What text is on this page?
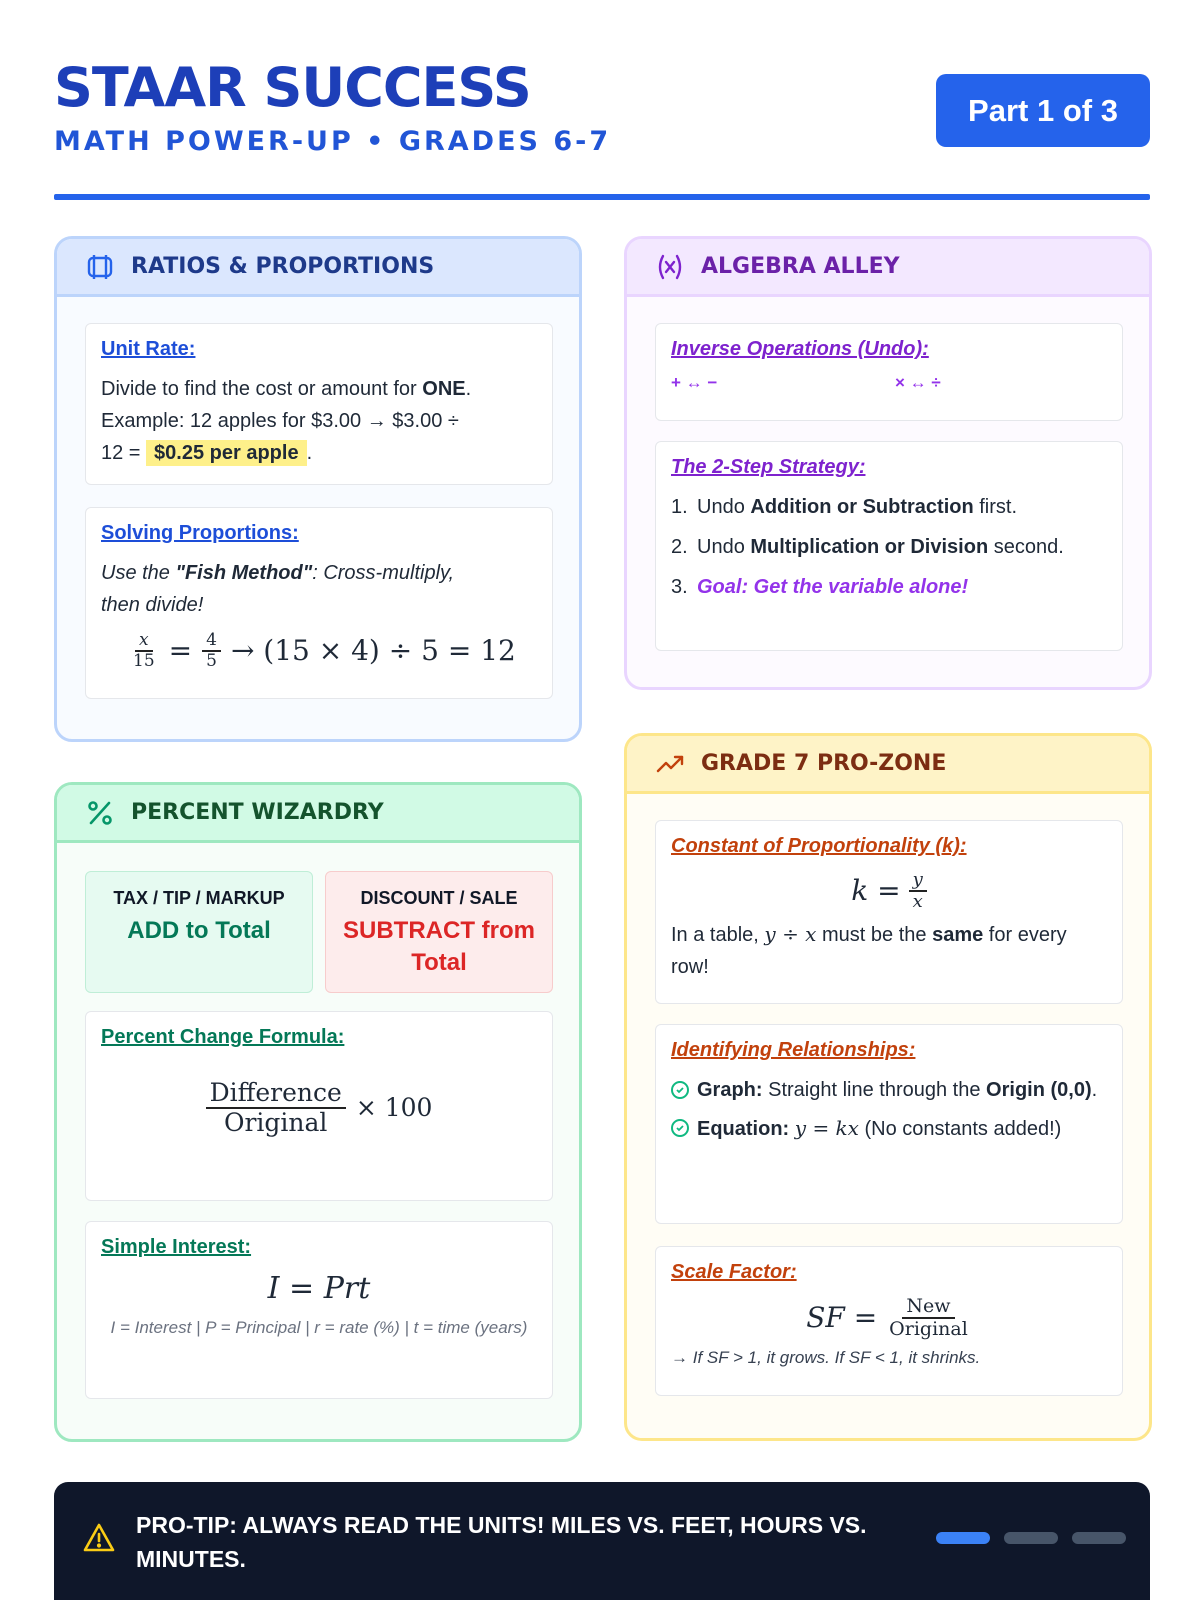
STAAR SUCCESS
MATH POWER-UP • GRADES 6-7
Part 1 of 3
RATIOS & PROPORTIONS
Unit Rate:
Divide to find the cost or amount for ONE.
Example: 12 apples for $3.00 → $3.00 ÷
12 = $0.25 per apple .
Solving Proportions:
Use the "Fish Method": Cross-multiply,
then divide!
$\frac{x}{15} = \frac{4}{5} \to (15 \times 4) \div 5 = 12$
ALGEBRA ALLEY
Inverse Operations (Undo):
+ ↔ −	× ↔ ÷
The 2-Step Strategy:
1. Undo Addition or Subtraction first.
2. Undo Multiplication or Division second.
3. Goal: Get the variable alone!
PERCENT WIZARDRY
TAX / TIP / MARKUP
ADD to Total
DISCOUNT / SALE
SUBTRACT from Total
Percent Change Formula:
$\frac{\text{Difference}}{\text{Original}} \times 100$
Simple Interest:
I = Prt
I = Interest | P = Principal | r = rate (%) | t = time (years)
GRADE 7 PRO-ZONE
Constant of Proportionality (k):
$k = \frac{y}{x}$
In a table, y ÷ x must be the same for every row!
Identifying Relationships:
Graph: Straight line through the Origin (0,0).
Equation: y = kx (No constants added!)
Scale Factor:
SF = $\frac{\text{New}}{\text{Original}}$
→ If SF > 1, it grows. If SF < 1, it shrinks.
PRO-TIP: ALWAYS READ THE UNITS! MILES VS. FEET, HOURS VS. MINUTES.
